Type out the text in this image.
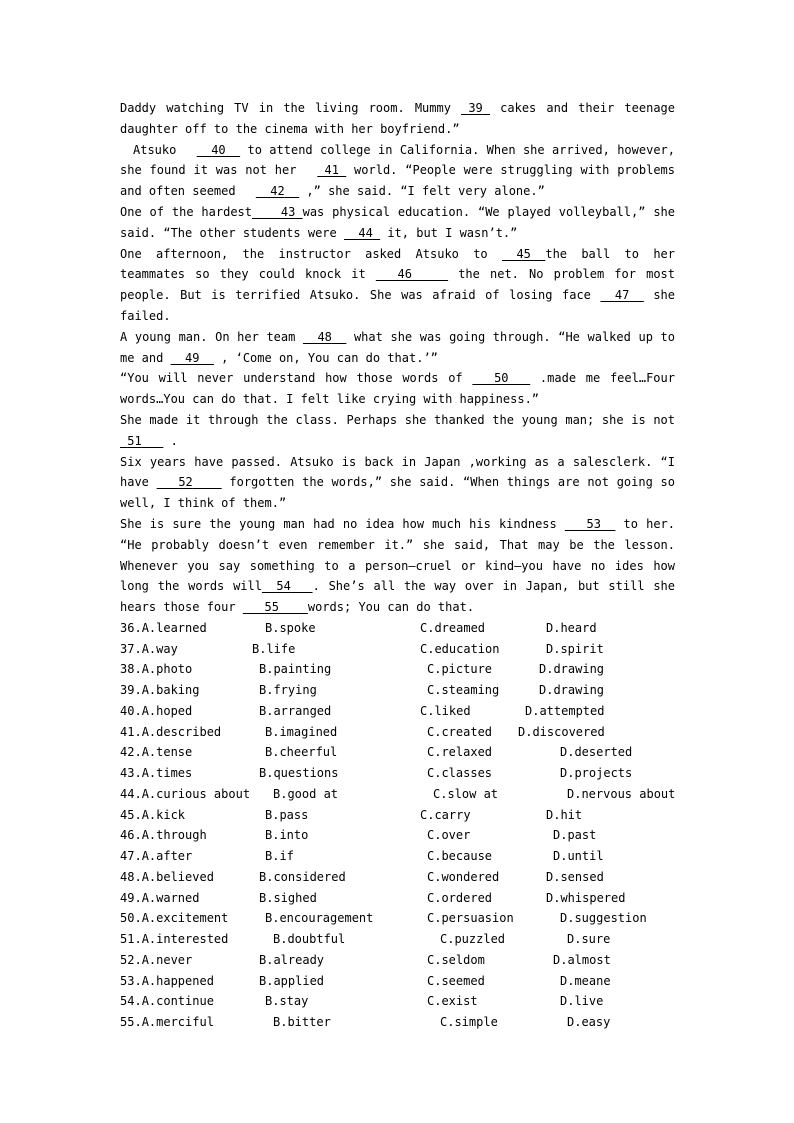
Daddy watching TV in the living room. Mummy  39  cakes and their teenage daughter off to the cinema with her boyfriend.”

Atsuko   40   to attend college in California. When she arrived, however, she found it was not her  41  world. “People were struggling with problems and often seemed   42   ,” she said. “I felt very alone.”

One of the hardest 43 was physical education. “We played volleyball,” she said. “The other students were   44  it, but I wasn’t.”

One afternoon, the instructor asked Atsuko to   45 the ball to her teammates so they could knock it    46	the net. No problem for most people. But is terrified Atsuko. She was afraid of losing face   47   she failed.

A young man. On her team   48   what she was going through. “He walked up to me and   49   , ‘Come on, You can do that.’”

“You will never understand how those words of    50    .made me feel…Four words…You can do that. I felt like crying with happiness.”

She made it through the class. Perhaps she thanked the young man; she is not  51    .

Six years have passed. Atsuko is back in Japan ,working as a salesclerk. “I have    52     forgotten the words,” she said. “When things are not going so well, I think of them.”

She is sure the young man had no idea how much his kindness    53   to her. “He probably doesn’t even remember it.” she said, That may be the lesson. Whenever you say something to a person—cruel or kind—you have no ides how long the words will 54 . She’s all the way over in Japan, but still she hears those four    55 words; You can do that.

36.A.learned	B.spoke	C.dreamed	D.heard
37.A.way	B.life	C.education	D.spirit
38.A.photo	B.painting	C.picture	D.drawing
39.A.baking	B.frying	C.steaming	D.drawing
40.A.hoped	B.arranged	C.liked	D.attempted
41.A.described	B.imagined	C.created D.discovered
42.A.tense	B.cheerful	C.relaxed	D.deserted
43.A.times	B.questions	C.classes	D.projects
44.A.curious about B.good at	C.slow at	D.nervous about
45.A.kick	B.pass	C.carry	D.hit
46.A.through	B.into	C.over	D.past
47.A.after	B.if	C.because	D.until
48.A.believed	B.considered	C.wondered	D.sensed
49.A.warned	B.sighed	C.ordered	D.whispered
50.A.excitement	B.encouragement	C.persuasion	D.suggestion
51.A.interested	B.doubtful	C.puzzled	D.sure
52.A.never	B.already	C.seldom	D.almost
53.A.happened	B.applied	C.seemed	D.meane
54.A.continue	B.stay	C.exist	D.live
55.A.merciful	B.bitter	C.simple	D.easy
